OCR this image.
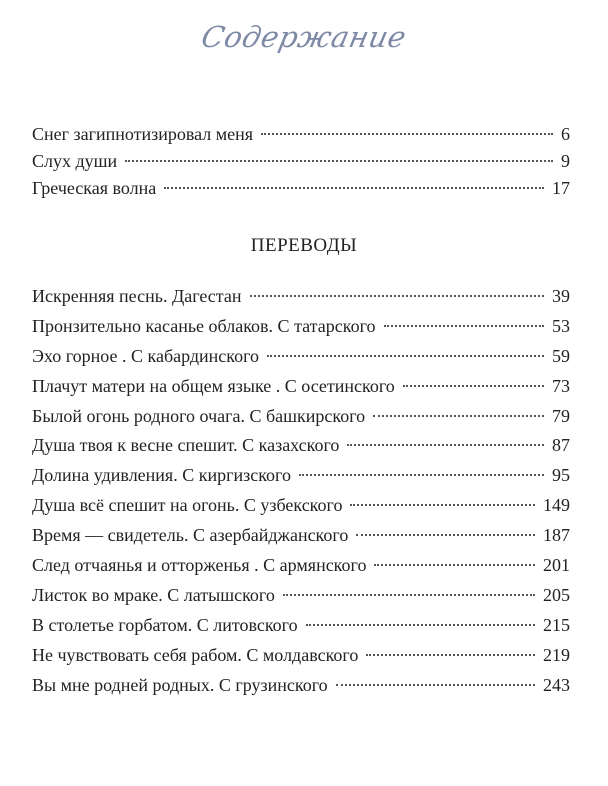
Содержание
Снег загипнотизировал меня	6
Слух души	9
Греческая волна	17
ПЕРЕВОДЫ
Искренняя песнь. Дагестан	39
Пронзительно касанье облаков. С татарского	53
Эхо горное . С кабардинского	59
Плачут матери на общем языке . С осетинского	73
Былой огонь родного очага. С башкирского	79
Душа твоя к весне спешит. С казахского	87
Долина удивления. С киргизского	95
Душа всё спешит на огонь. С узбекского	149
Время — свидетель. С азербайджанского	187
След отчаянья и отторженья . С армянского	201
Листок во мраке. С латышского	205
В столетье горбатом. С литовского	215
Не чувствовать себя рабом. С молдавского	219
Вы мне родней родных. С грузинского	243
